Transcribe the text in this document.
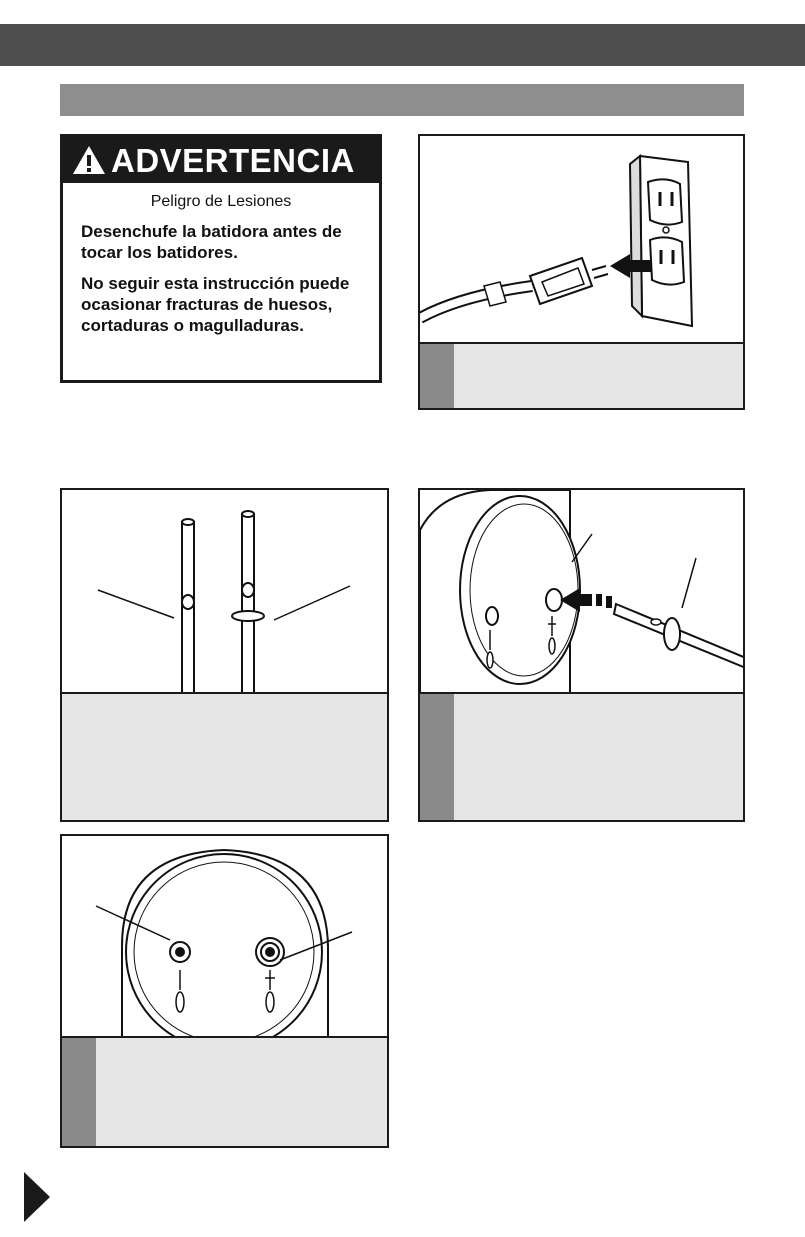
ADVERTENCIA
Peligro de Lesiones
Desenchufe la batidora antes de tocar los batidores.
No seguir esta instrucción puede ocasionar fracturas de huesos, cortaduras o magulladuras.
